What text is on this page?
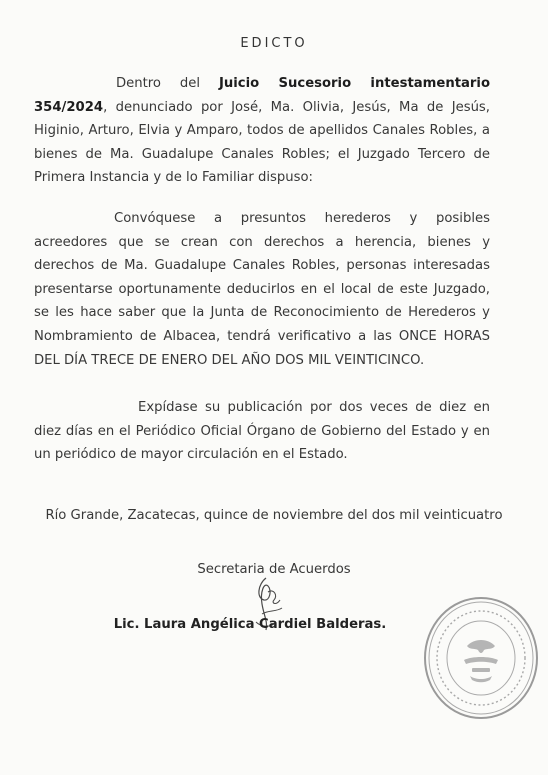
EDICTO
Dentro del Juicio Sucesorio intestamentario 354/2024, denunciado por José, Ma. Olivia, Jesús, Ma de Jesús, Higinio, Arturo, Elvia y Amparo, todos de apellidos Canales Robles, a bienes de Ma. Guadalupe Canales Robles; el Juzgado Tercero de Primera Instancia y de lo Familiar dispuso:
Convóquese a presuntos herederos y posibles acreedores que se crean con derechos a herencia, bienes y derechos de Ma. Guadalupe Canales Robles, personas interesadas presentarse oportunamente deducirlos en el local de este Juzgado, se les hace saber que la Junta de Reconocimiento de Herederos y Nombramiento de Albacea, tendrá verificativo a las ONCE HORAS DEL DÍA TRECE DE ENERO DEL AÑO DOS MIL VEINTICINCO.
Expídase su publicación por dos veces de diez en diez días en el Periódico Oficial Órgano de Gobierno del Estado y en un periódico de mayor circulación en el Estado.
Río Grande, Zacatecas, quince de noviembre del dos mil veinticuatro
Secretaria de Acuerdos
Lic. Laura Angélica Cardiel Balderas.
